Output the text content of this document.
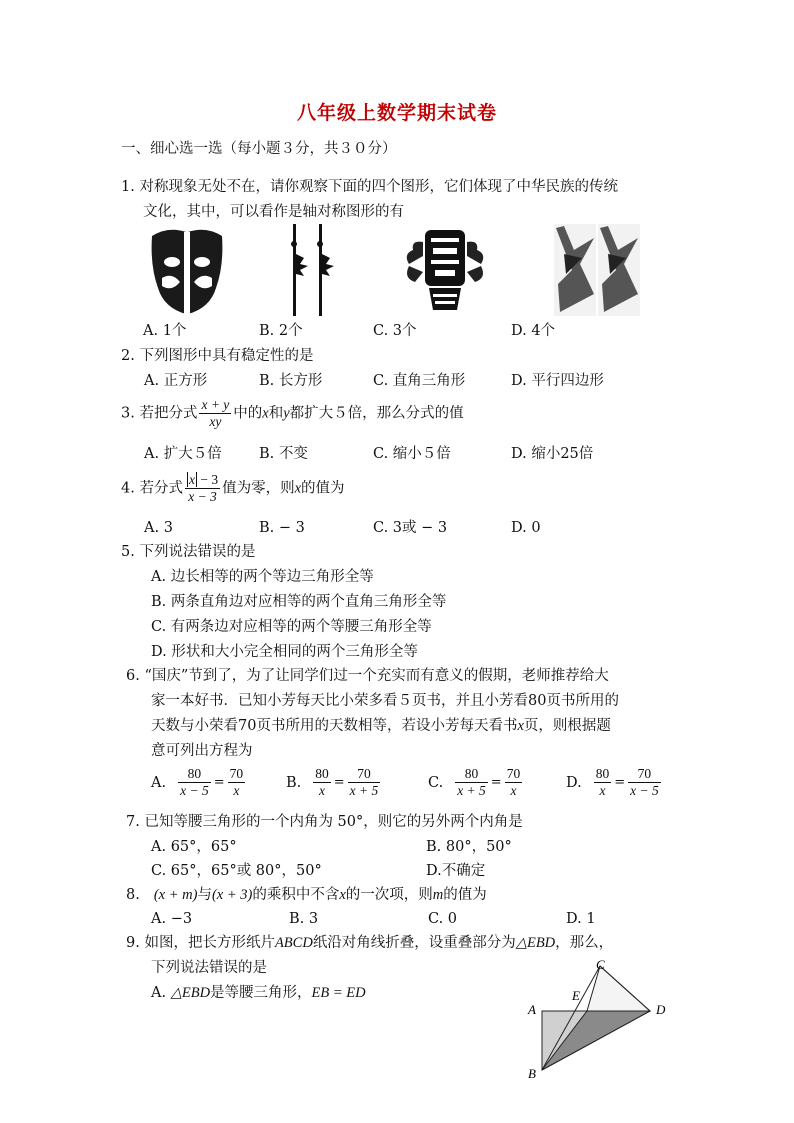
八年级上数学期末试卷
一、细心选一选（每小题３分，共３０分）
1. 对称现象无处不在，请你观察下面的四个图形，它们体现了中华民族的传统
文化，其中，可以看作是轴对称图形的有
A. 1个	B. 2个	C. 3个	D. 4个
2. 下列图形中具有稳定性的是
A. 正方形	B. 长方形	C. 直角三角形	D. 平行四边形
3. 若把分式 $\frac{x + y}{xy}$ 中的x和y都扩大５倍，那么分式的值
A. 扩大５倍	B. 不变	C. 缩小５倍	D. 缩小25倍
4. 若分式 $\frac{x - 3}{x - 3}$ 值为零，则x的值为
A. 3	B. − 3	C. 3或 − 3	D. 0
5. 下列说法错误的是
A. 边长相等的两个等边三角形全等
B. 两条直角边对应相等的两个直角三角形全等
C. 有两条边对应相等的两个等腰三角形全等
D. 形状和大小完全相同的两个三角形全等
6. “国庆”节到了，为了让同学们过一个充实而有意义的假期，老师推荐给大
家一本好书．已知小芳每天比小荣多看５页书，并且小芳看80页书所用的
天数与小荣看70页书所用的天数相等，若设小芳每天看书x页，则根据题
意可列出方程为
A. $\frac{80}{x - 5} = \frac{70}{x}$	B. $\frac{80}{x} = \frac{70}{x + 5}$	C. $\frac{80}{x + 5} = \frac{70}{x}$	D. $\frac{80}{x} = \frac{70}{x - 5}$
7. 已知等腰三角形的一个内角为 50°，则它的另外两个内角是
A. 65°，65°	B. 80°，50°
C. 65°，65°或 80°，50°	D.不确定
8. (x + m)与(x + 3)的乘积中不含x的一次项，则m的值为
A. −3	B. 3	C. 0	D. 1
9. 如图，把长方形纸片ABCD纸沿对角线折叠，设重叠部分为△EBD，那么，
下列说法错误的是
A. △EBD是等腰三角形，EB = ED
C
A
E
D
B
